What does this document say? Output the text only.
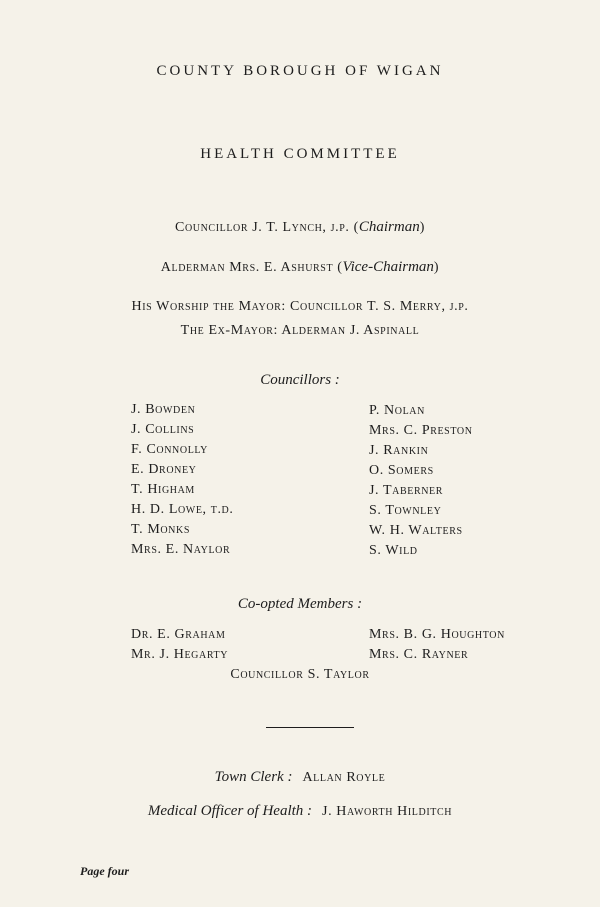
COUNTY BOROUGH OF WIGAN
HEALTH COMMITTEE
Councillor J. T. Lynch, j.p. (Chairman)
Alderman Mrs. E. Ashurst (Vice-Chairman)
His Worship the Mayor: Councillor T. S. Merry, j.p.
The Ex-Mayor: Alderman J. Aspinall
Councillors :
J. Bowden
J. Collins
F. Connolly
E. Droney
T. Higham
H. D. Lowe, t.d.
T. Monks
Mrs. E. Naylor
P. Nolan
Mrs. C. Preston
J. Rankin
O. Somers
J. Taberner
S. Townley
W. H. Walters
S. Wild
Co-opted Members :
Dr. E. Graham
Mr. J. Hegarty
Mrs. B. G. Houghton
Mrs. C. Rayner
Councillor S. Taylor
Town Clerk : Allan Royle
Medical Officer of Health : J. Haworth Hilditch
Page four
